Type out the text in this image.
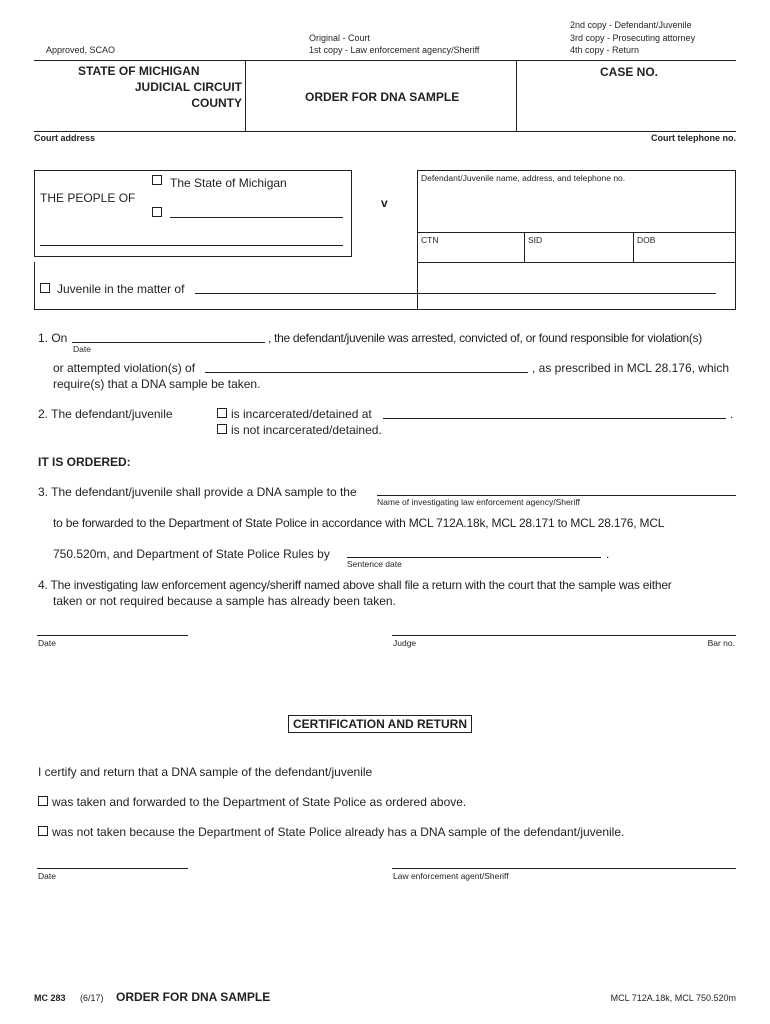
Approved, SCAO
Original - Court
1st copy - Law enforcement agency/Sheriff
2nd copy - Defendant/Juvenile
3rd copy - Prosecuting attorney
4th copy - Return
STATE OF MICHIGAN
JUDICIAL CIRCUIT
COUNTY	ORDER FOR DNA SAMPLE
CASE NO.
Court address	Court telephone no.
THE PEOPLE OF
The State of Michigan
v
Defendant/Juvenile name, address, and telephone no.
CTN	SID	DOB
Juvenile in the matter of
1. On
Date
, the defendant/juvenile was arrested, convicted of, or found responsible for violation(s)
or attempted violation(s) of	, as prescribed in MCL 28.176, which
require(s) that a DNA sample be taken.
2. The defendant/juvenile	is incarcerated/detained at	.
is not incarcerated/detained.
IT IS ORDERED:
3. The defendant/juvenile shall provide a DNA sample to the
Name of investigating law enforcement agency/Sheriff
to be forwarded to the Department of State Police in accordance with MCL 712A.18k, MCL 28.171 to MCL 28.176, MCL
750.520m, and Department of State Police Rules by	.
Sentence date
4. The investigating law enforcement agency/sheriff named above shall file a return with the court that the sample was either
taken or not required because a sample has already been taken.
Date	Judge	Bar no.
CERTIFICATION AND RETURN
I certify and return that a DNA sample of the defendant/juvenile
was taken and forwarded to the Department of State Police as ordered above.
was not taken because the Department of State Police already has a DNA sample of the defendant/juvenile.
Date	Law enforcement agent/Sheriff
MC 283 (6/17) ORDER FOR DNA SAMPLE	MCL 712A.18k, MCL 750.520m
